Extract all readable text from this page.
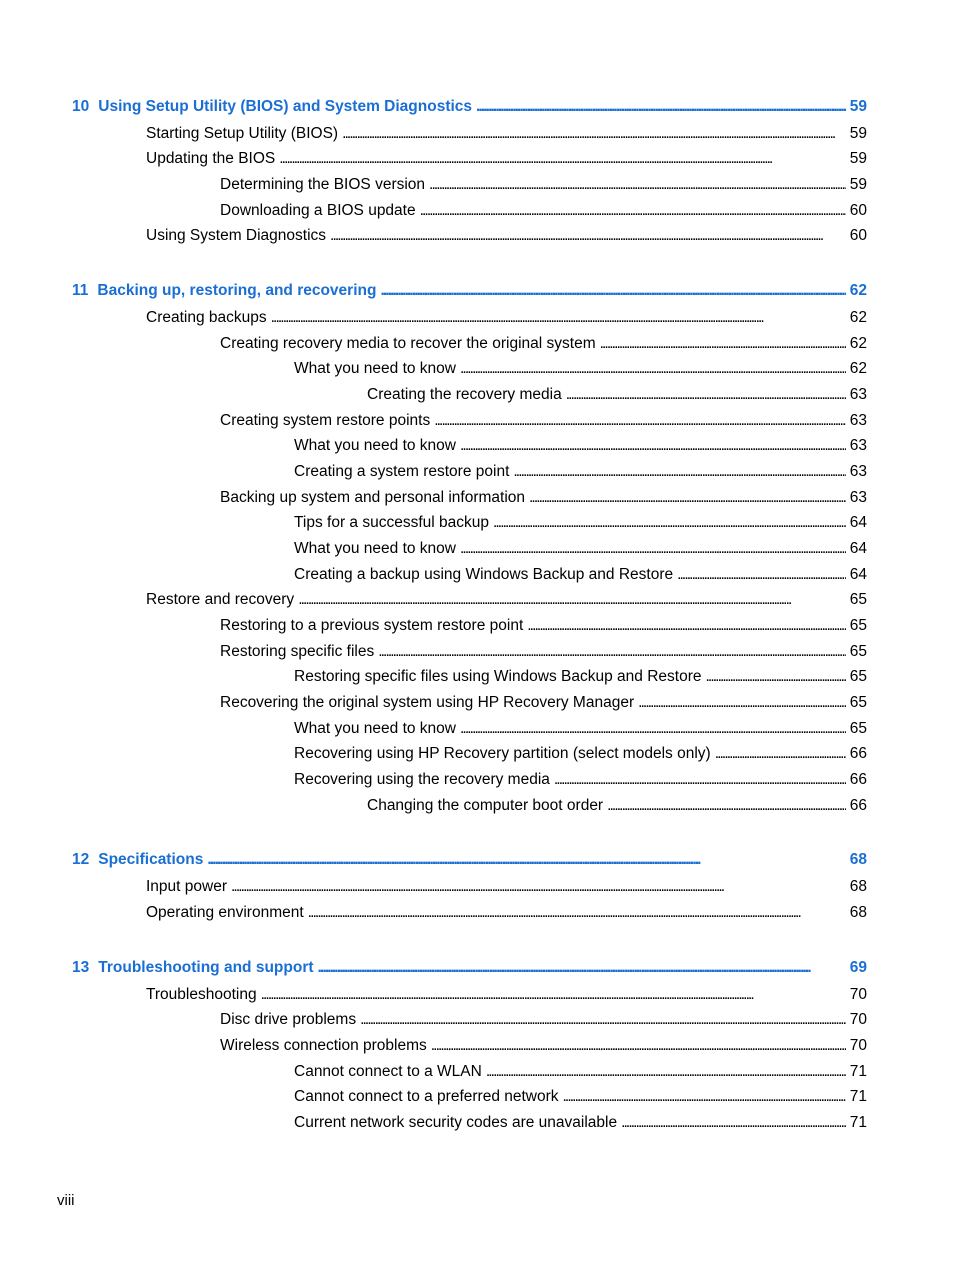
10 Using Setup Utility (BIOS) and System Diagnostics . . .	59
Starting Setup Utility (BIOS) . . .	59
Updating the BIOS . . .	59
Determining the BIOS version . . .	59
Downloading a BIOS update . . .	60
Using System Diagnostics . . .	60
11 Backing up, restoring, and recovering . . .	62
Creating backups . . .	62
Creating recovery media to recover the original system . . .	62
What you need to know . . .	62
Creating the recovery media . . .	63
Creating system restore points . . .	63
What you need to know . . .	63
Creating a system restore point . . .	63
Backing up system and personal information . . .	63
Tips for a successful backup . . .	64
What you need to know . . .	64
Creating a backup using Windows Backup and Restore . . .	64
Restore and recovery . . .	65
Restoring to a previous system restore point . . .	65
Restoring specific files . . .	65
Restoring specific files using Windows Backup and Restore . . .	65
Recovering the original system using HP Recovery Manager . . .	65
What you need to know . . .	65
Recovering using HP Recovery partition (select models only) . . .	66
Recovering using the recovery media . . .	66
Changing the computer boot order . . .	66
12 Specifications . . .	68
Input power . . .	68
Operating environment . . .	68
13 Troubleshooting and support . . .	69
Troubleshooting . . .	70
Disc drive problems . . .	70
Wireless connection problems . . .	70
Cannot connect to a WLAN . . .	71
Cannot connect to a preferred network . . .	71
Current network security codes are unavailable . . .	71
viii
